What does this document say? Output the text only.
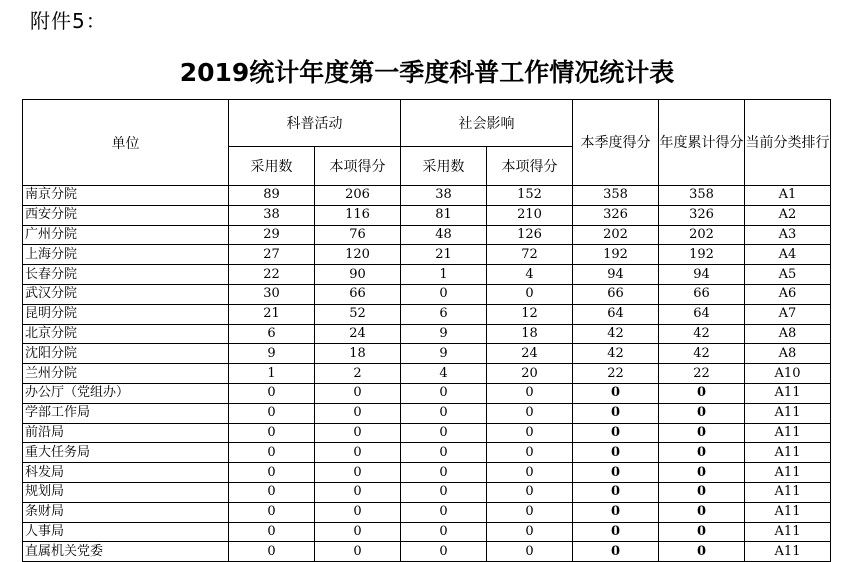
附件5：
2019统计年度第一季度科普工作情况统计表
单位	科普活动		社会影响		本季度得分	年度累计得分	当前分类排行
	采用数	本项得分	采用数	本项得分			
南京分院	89	206	38	152	358	358	A1
西安分院	38	116	81	210	326	326	A2
广州分院	29	76	48	126	202	202	A3
上海分院	27	120	21	72	192	192	A4
长春分院	22	90	1	4	94	94	A5
武汉分院	30	66	0	0	66	66	A6
昆明分院	21	52	6	12	64	64	A7
北京分院	6	24	9	18	42	42	A8
沈阳分院	9	18	9	24	42	42	A8
兰州分院	1	2	4	20	22	22	A10
办公厅（党组办）	0	0	0	0	0	0	A11
学部工作局	0	0	0	0	0	0	A11
前沿局	0	0	0	0	0	0	A11
重大任务局	0	0	0	0	0	0	A11
科发局	0	0	0	0	0	0	A11
规划局	0	0	0	0	0	0	A11
条财局	0	0	0	0	0	0	A11
人事局	0	0	0	0	0	0	A11
直属机关党委	0	0	0	0	0	0	A11
